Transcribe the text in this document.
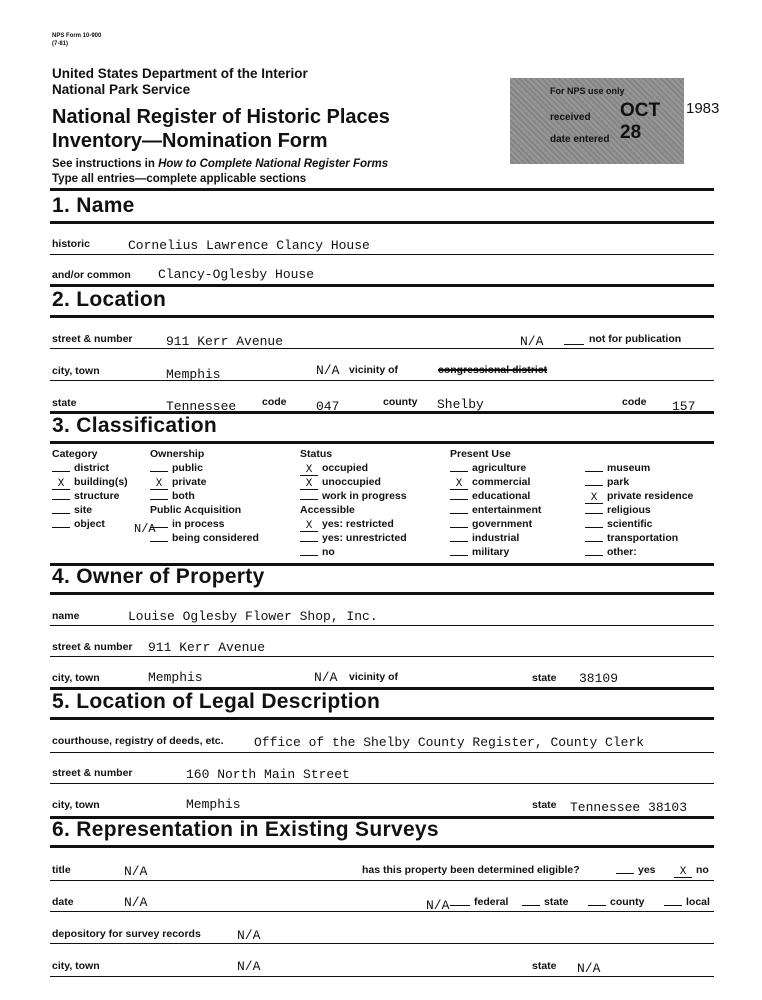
NPS Form 10-900
(7-81)
United States Department of the Interior
National Park Service
National Register of Historic Places
Inventory—Nomination Form
See instructions in How to Complete National Register Forms
Type all entries—complete applicable sections
For NPS use only
received OCT 28
date entered
1983
1. Name
historic	Cornelius Lawrence Clancy House
and/or common Clancy-Oglesby House
2. Location
street & number	911 Kerr Avenue	N/A	not for publication
city, town	Memphis	N/A vicinity of	congressional district
state	Tennessee code 047	county Shelby	code 157
3. Classification
Category
district
X building(s)
structure
site
object
Ownership
public
X private
both
Public Acquisition
in process
being considered
N/A
Status
X occupied
X unoccupied
work in progress
Accessible
X yes: restricted
yes: unrestricted
no
Present Use
agriculture
X commercial
educational
entertainment
government
industrial
military
museum
park
X private residence
religious
scientific
transportation
other:
4. Owner of Property
name	Louise Oglesby Flower Shop, Inc.
street & number 911 Kerr Avenue
city, town	Memphis	N/A vicinity of	state 38109
5. Location of Legal Description
courthouse, registry of deeds, etc. Office of the Shelby County Register, County Clerk
street & number	160 North Main Street
city, town	Memphis	state Tennessee 38103
6. Representation in Existing Surveys
title	N/A	has this property been determined eligible?	yes	X no
date	N/A	N/A	federal	state	county	local
depository for survey records	N/A
city, town	N/A	state N/A
